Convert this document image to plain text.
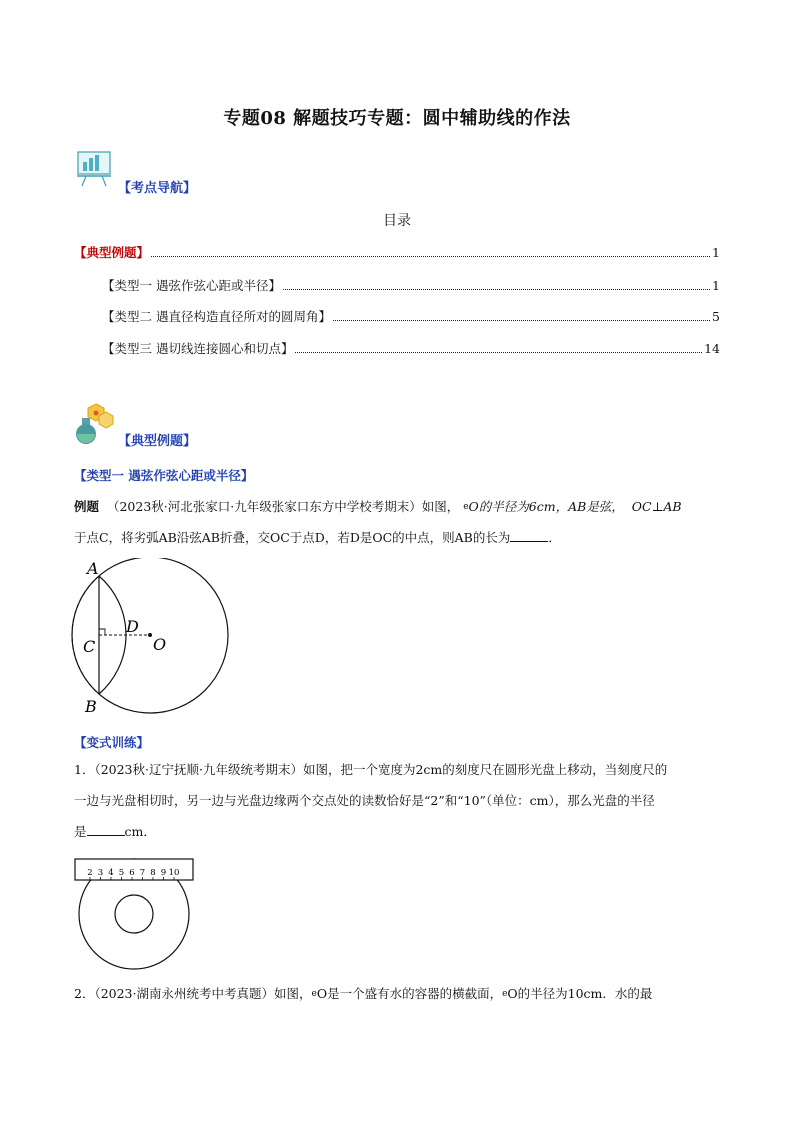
专题08 解题技巧专题：圆中辅助线的作法
【考点导航】
目录
【典型例题】	1
【类型一 遇弦作弦心距或半径】	1
【类型二 遇直径构造直径所对的圆周角】	5
【类型三 遇切线连接圆心和切点】	14
【典型例题】
【类型一 遇弦作弦心距或半径】
例题 （2023秋·河北张家口·九年级张家口东方中学校考期末）如图， eO的半径为6cm，AB是弦， OC⊥AB
于点C，将劣弧AB沿弦AB折叠，交OC于点D，若D是OC的中点，则AB的长为	．
A
B
C
D
O
【变式训练】
1．（2023秋·辽宁抚顺·九年级统考期末）如图，把一个宽度为2cm的刻度尺在圆形光盘上移动，当刻度尺的
一边与光盘相切时，另一边与光盘边缘两个交点处的读数恰好是“2”和“10”（单位：cm），那么光盘的半径
是	cm．
2 3 4 5 6 7 8 9 10
2．（2023·湖南永州统考中考真题）如图，eO是一个盛有水的容器的横截面，eO的半径为10cm．水的最
